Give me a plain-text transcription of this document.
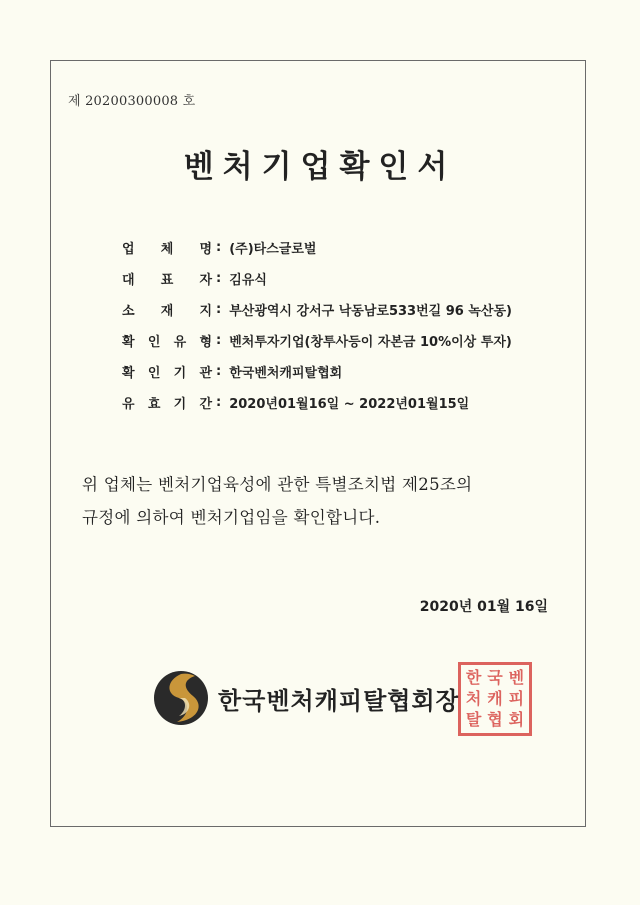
제 20200300008 호
벤처기업확인서
업 체 명 : (주)타스글로벌
대 표 자 : 김유식
소 재 지 : 부산광역시 강서구 낙동남로533번길 96 녹산동)
확 인 유 형 : 벤처투자기업(창투사등이 자본금 10%이상 투자)
확 인 기 관 : 한국벤처캐피탈협회
유 효 기 간 : 2020년01월16일 ~ 2022년01월15일
위 업체는 벤처기업육성에 관한 특별조치법 제25조의
규정에 의하여 벤처기업임을 확인합니다.
2020년 01월 16일
한국벤처캐피탈협회장
한 국 벤
처 캐 피
탈 협 회
